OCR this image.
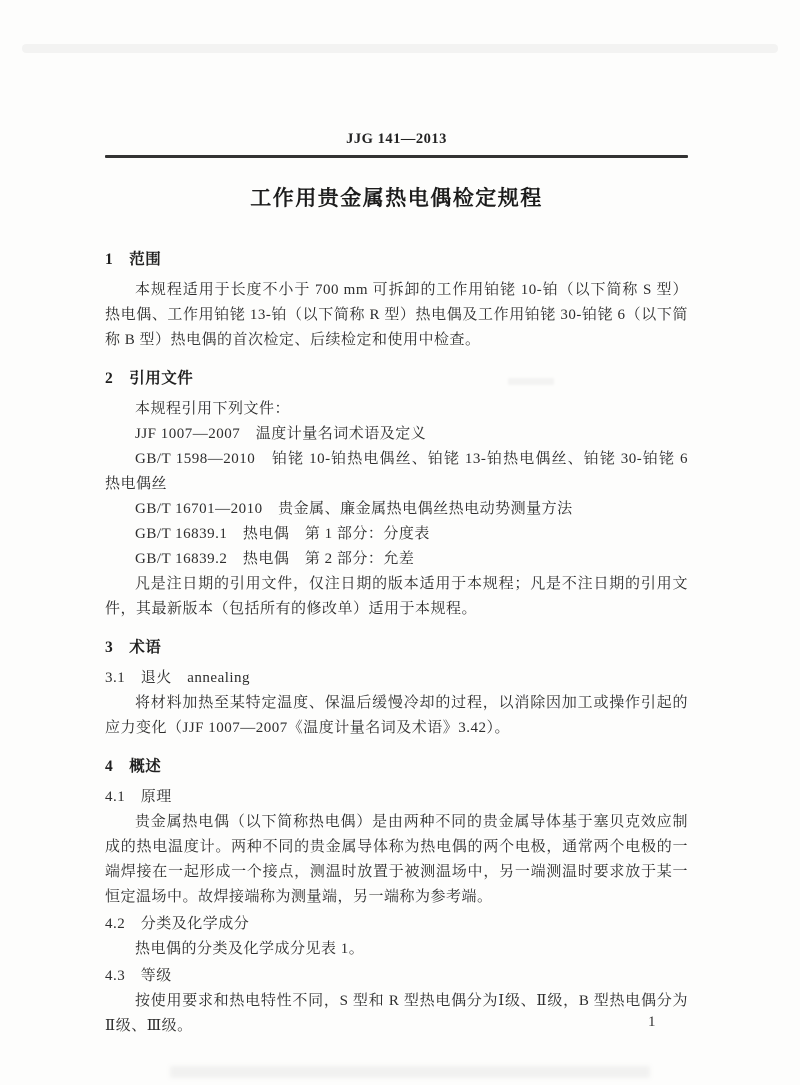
JJG 141—2013
工作用贵金属热电偶检定规程
1　范围

本规程适用于长度不小于 700 mm 可拆卸的工作用铂铑 10-铂（以下简称 S 型）热电偶、工作用铂铑 13-铂（以下简称 R 型）热电偶及工作用铂铑 30-铂铑 6（以下简称 B 型）热电偶的首次检定、后续检定和使用中检查。

2　引用文件

本规程引用下列文件：

JJF 1007—2007　温度计量名词术语及定义

GB/T 1598—2010　铂铑 10-铂热电偶丝、铂铑 13-铂热电偶丝、铂铑 30-铂铑 6 热电偶丝

GB/T 16701—2010　贵金属、廉金属热电偶丝热电动势测量方法

GB/T 16839.1　热电偶　第 1 部分：分度表

GB/T 16839.2　热电偶　第 2 部分：允差

凡是注日期的引用文件，仅注日期的版本适用于本规程；凡是不注日期的引用文件，其最新版本（包括所有的修改单）适用于本规程。

3　术语
3.1　退火　annealing

将材料加热至某特定温度、保温后缓慢冷却的过程，以消除因加工或操作引起的应力变化（JJF 1007—2007《温度计量名词及术语》3.42）。

4　概述
4.1　原理

贵金属热电偶（以下简称热电偶）是由两种不同的贵金属导体基于塞贝克效应制成的热电温度计。两种不同的贵金属导体称为热电偶的两个电极，通常两个电极的一端焊接在一起形成一个接点，测温时放置于被测温场中，另一端测温时要求放于某一恒定温场中。故焊接端称为测量端，另一端称为参考端。

4.2　分类及化学成分

热电偶的分类及化学成分见表 1。

4.3　等级

按使用要求和热电特性不同，S 型和 R 型热电偶分为Ⅰ级、Ⅱ级，B 型热电偶分为Ⅱ级、Ⅲ级。	1
